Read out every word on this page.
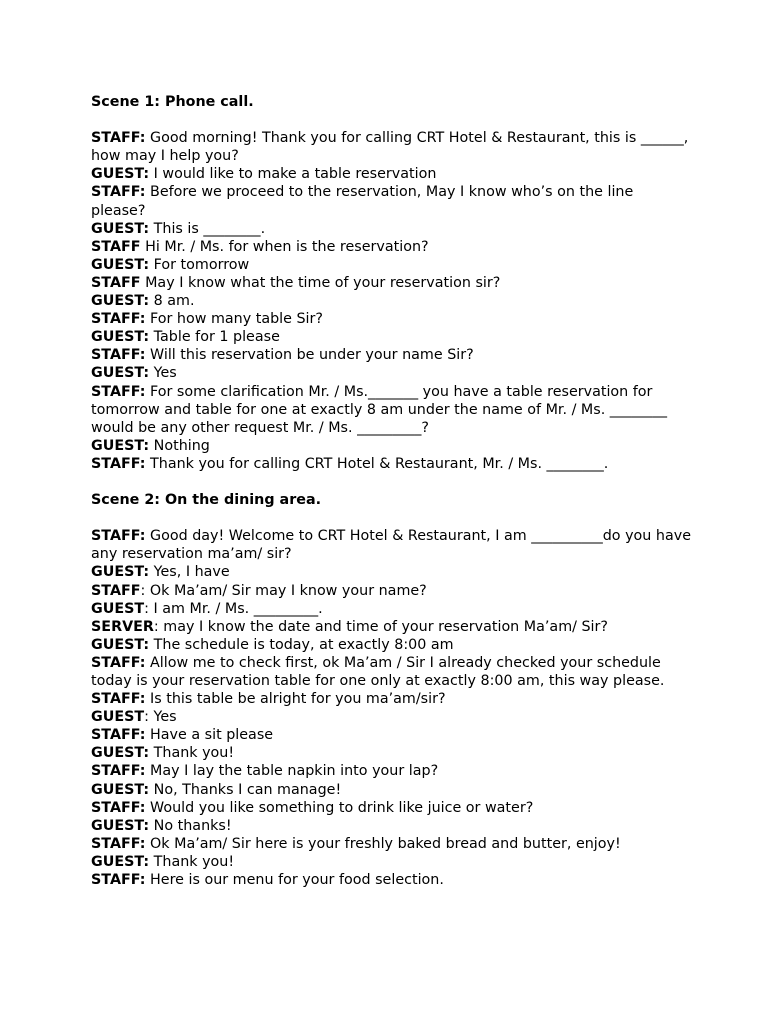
Scene 1: Phone call.

STAFF: Good morning! Thank you for calling CRT Hotel & Restaurant, this is ______, how may I help you?

GUEST: I would like to make a table reservation

STAFF: Before we proceed to the reservation, May I know who’s on the line please?

GUEST: This is ________.

STAFF Hi Mr. / Ms. for when is the reservation?

GUEST: For tomorrow

STAFF May I know what the time of your reservation sir?

GUEST: 8 am.

STAFF: For how many table Sir?

GUEST: Table for 1 please

STAFF: Will this reservation be under your name Sir?

GUEST: Yes

STAFF: For some clarification Mr. / Ms._______ you have a table reservation for tomorrow and table for one at exactly 8 am under the name of Mr. / Ms. ________ would be any other request Mr. / Ms. _________?

GUEST: Nothing

STAFF: Thank you for calling CRT Hotel & Restaurant, Mr. / Ms. ________.

Scene 2: On the dining area.

STAFF: Good day! Welcome to CRT Hotel & Restaurant, I am __________do you have any reservation ma’am/ sir?

GUEST: Yes, I have

STAFF: Ok Ma’am/ Sir may I know your name?

GUEST: I am Mr. / Ms. _________.

SERVER: may I know the date and time of your reservation Ma’am/ Sir?

GUEST: The schedule is today, at exactly 8:00 am

STAFF: Allow me to check first, ok Ma’am / Sir I already checked your schedule today is your reservation table for one only at exactly 8:00 am, this way please.

STAFF: Is this table be alright for you ma’am/sir?

GUEST: Yes

STAFF: Have a sit please

GUEST: Thank you!

STAFF: May I lay the table napkin into your lap?

GUEST: No, Thanks I can manage!

STAFF: Would you like something to drink like juice or water?

GUEST: No thanks!

STAFF: Ok Ma’am/ Sir here is your freshly baked bread and butter, enjoy!

GUEST: Thank you!

STAFF: Here is our menu for your food selection.
